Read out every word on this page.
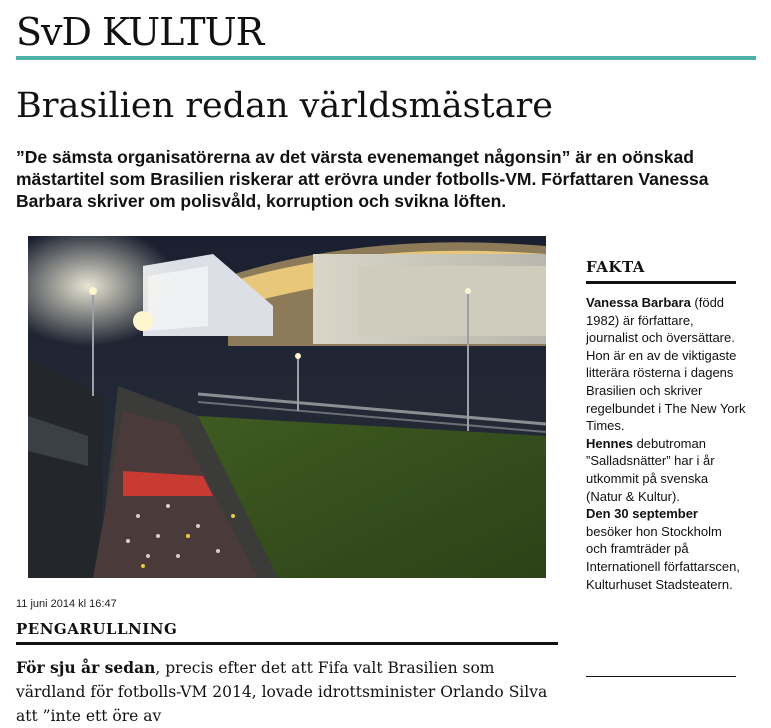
SvD KULTUR
Brasilien redan världsmästare
”De sämsta organisatörerna av det värsta evenemanget någonsin” är en oönskad mästartitel som Brasilien riskerar att erövra under fotbolls-VM. Författaren Vanessa Barbara skriver om polisvåld, korruption och svikna löften.
11 juni 2014 kl 16:47
PENGARULLNING
För sju år sedan, precis efter det att Fifa valt Brasilien som värdland för fotbolls-VM 2014, lovade idrottsminister Orlando Silva att ”inte ett öre av
FAKTA

Vanessa Barbara (född 1982) är författare, journalist och översättare. Hon är en av de viktigaste litterära rösterna i dagens Brasilien och skriver regelbundet i The New York Times.

Hennes debutroman ”Salladsnätter” har i år utkommit på svenska (Natur & Kultur).

Den 30 september besöker hon Stockholm och framträder på Internationell författarscen, Kulturhuset Stadsteatern.
